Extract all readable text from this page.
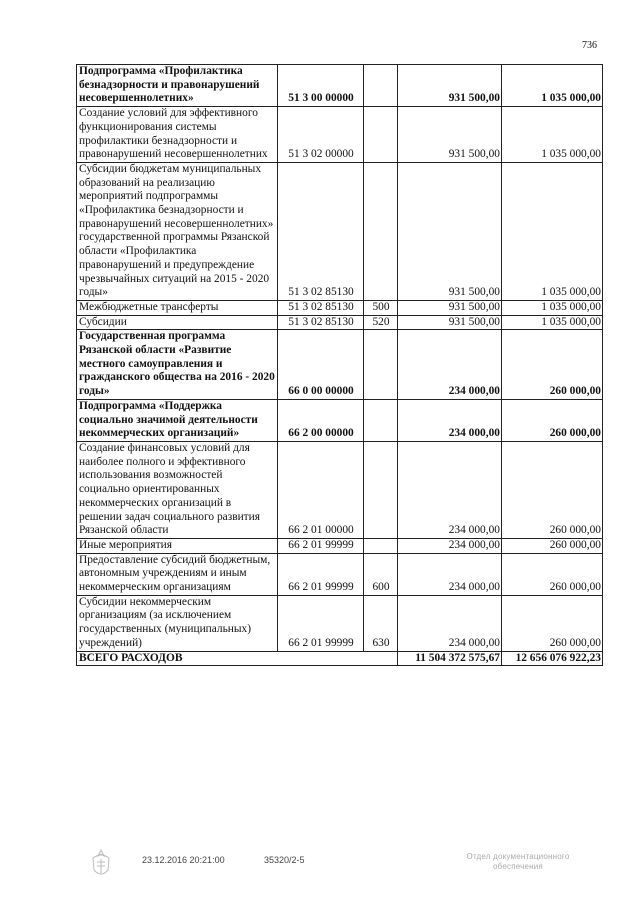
736
Подпрограмма «Профилактика безнадзорности и правонарушений несовершеннолетних»	51 3 00 00000		931 500,00	1 035 000,00
Создание условий для эффективного функционирования системы профилактики безнадзорности и правонарушений несовершеннолетних	51 3 02 00000		931 500,00	1 035 000,00
Субсидии бюджетам муниципальных образований на реализацию мероприятий подпрограммы «Профилактика безнадзорности и правонарушений несовершеннолетних» государственной программы Рязанской области «Профилактика правонарушений и предупреждение чрезвычайных ситуаций на 2015 - 2020 годы»	51 3 02 85130		931 500,00	1 035 000,00
Межбюджетные трансферты	51 3 02 85130	500	931 500,00	1 035 000,00
Субсидии	51 3 02 85130	520	931 500,00	1 035 000,00
Государственная программа Рязанской области «Развитие местного самоуправления и гражданского общества на 2016 - 2020 годы»	66 0 00 00000		234 000,00	260 000,00
Подпрограмма «Поддержка социально значимой деятельности некоммерческих организаций»	66 2 00 00000		234 000,00	260 000,00
Создание финансовых условий для наиболее полного и эффективного использования возможностей социально ориентированных некоммерческих организаций в решении задач социального развития Рязанской области	66 2 01 00000		234 000,00	260 000,00
Иные мероприятия	66 2 01 99999		234 000,00	260 000,00
Предоставление субсидий бюджетным, автономным учреждениям и иным некоммерческим организациям	66 2 01 99999	600	234 000,00	260 000,00
Субсидии некоммерческим организациям (за исключением государственных (муниципальных) учреждений)	66 2 01 99999	630	234 000,00	260 000,00
ВСЕГО РАСХОДОВ			11 504 372 575,67	12 656 076 922,23
23.12.2016 20:21:00	35320/2-5	Отдел документационного обеспечения
